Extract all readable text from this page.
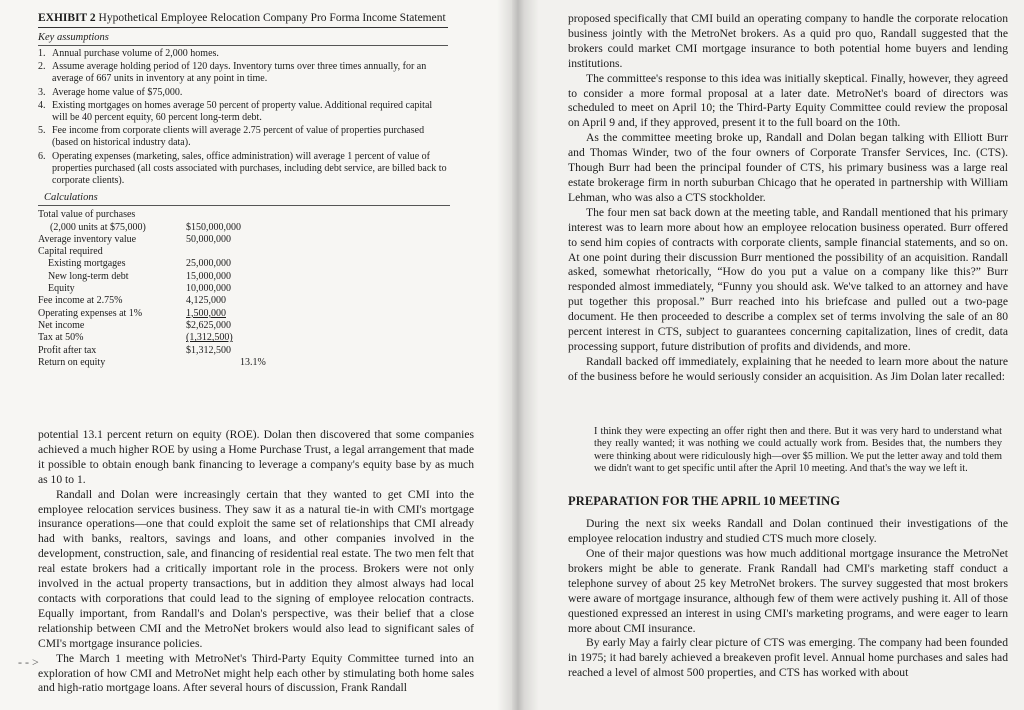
EXHIBIT 2 Hypothetical Employee Relocation Company Pro Forma Income Statement
Key assumptions
1. Annual purchase volume of 2,000 homes.
2. Assume average holding period of 120 days. Inventory turns over three times annually, for an average of 667 units in inventory at any point in time.
3. Average home value of $75,000.
4. Existing mortgages on homes average 50 percent of property value. Additional required capital will be 40 percent equity, 60 percent long-term debt.
5. Fee income from corporate clients will average 2.75 percent of value of properties purchased (based on historical industry data).
6. Operating expenses (marketing, sales, office administration) will average 1 percent of value of properties purchased (all costs associated with purchases, including debt service, are billed back to corporate clients).
Calculations
Total value of purchases
(2,000 units at $75,000)	$150,000,000
Average inventory value	50,000,000
Capital required
Existing mortgages	25,000,000
New long-term debt	15,000,000
Equity	10,000,000
Fee income at 2.75%	4,125,000
Operating expenses at 1%	1,500,000
Net income	$2,625,000
Tax at 50%	(1,312,500)
Profit after tax	$1,312,500
Return on equity	13.1%

potential 13.1 percent return on equity (ROE). Dolan then discovered that some companies achieved a much higher ROE by using a Home Purchase Trust, a legal arrangement that made it possible to obtain enough bank financing to leverage a company's equity base by as much as 10 to 1.

Randall and Dolan were increasingly certain that they wanted to get CMI into the employee relocation services business. They saw it as a natural tie-in with CMI's mortgage insurance operations—one that could exploit the same set of relationships that CMI already had with banks, realtors, savings and loans, and other companies involved in the development, construction, sale, and financing of residential real estate. The two men felt that real estate brokers had a critically important role in the process. Brokers were not only involved in the actual property transactions, but in addition they almost always had local contacts with corporations that could lead to the signing of employee relocation contracts. Equally important, from Randall's and Dolan's perspective, was their belief that a close relationship between CMI and the MetroNet brokers would also lead to significant sales of CMI's mortgage insurance policies.

The March 1 meeting with MetroNet's Third-Party Equity Committee turned into an exploration of how CMI and MetroNet might help each other by stimulating both home sales and high-ratio mortgage loans. After several hours of discussion, Frank Randall

- - >

proposed specifically that CMI build an operating company to handle the corporate relocation business jointly with the MetroNet brokers. As a quid pro quo, Randall suggested that the brokers could market CMI mortgage insurance to both potential home buyers and lending institutions.

The committee's response to this idea was initially skeptical. Finally, however, they agreed to consider a more formal proposal at a later date. MetroNet's board of directors was scheduled to meet on April 10; the Third-Party Equity Committee could review the proposal on April 9 and, if they approved, present it to the full board on the 10th.

As the committee meeting broke up, Randall and Dolan began talking with Elliott Burr and Thomas Winder, two of the four owners of Corporate Transfer Services, Inc. (CTS). Though Burr had been the principal founder of CTS, his primary business was a large real estate brokerage firm in north suburban Chicago that he operated in partnership with William Lehman, who was also a CTS stockholder.

The four men sat back down at the meeting table, and Randall mentioned that his primary interest was to learn more about how an employee relocation business operated. Burr offered to send him copies of contracts with corporate clients, sample financial statements, and so on. At one point during their discussion Burr mentioned the possibility of an acquisition. Randall asked, somewhat rhetorically, “How do you put a value on a company like this?” Burr responded almost immediately, “Funny you should ask. We've talked to an attorney and have put together this proposal.” Burr reached into his briefcase and pulled out a two-page document. He then proceeded to describe a complex set of terms involving the sale of an 80 percent interest in CTS, subject to guarantees concerning capitalization, lines of credit, data processing support, future distribution of profits and dividends, and more.

Randall backed off immediately, explaining that he needed to learn more about the nature of the business before he would seriously consider an acquisition. As Jim Dolan later recalled:

I think they were expecting an offer right then and there. But it was very hard to understand what they really wanted; it was nothing we could actually work from. Besides that, the numbers they were thinking about were ridiculously high—over $5 million. We put the letter away and told them we didn't want to get specific until after the April 10 meeting. And that's the way we left it.
PREPARATION FOR THE APRIL 10 MEETING

During the next six weeks Randall and Dolan continued their investigations of the employee relocation industry and studied CTS much more closely.

One of their major questions was how much additional mortgage insurance the MetroNet brokers might be able to generate. Frank Randall had CMI's marketing staff conduct a telephone survey of about 25 key MetroNet brokers. The survey suggested that most brokers were aware of mortgage insurance, although few of them were actively pushing it. All of those questioned expressed an interest in using CMI's marketing programs, and were eager to learn more about CMI insurance.

By early May a fairly clear picture of CTS was emerging. The company had been founded in 1975; it had barely achieved a breakeven profit level. Annual home purchases and sales had reached a level of almost 500 properties, and CTS has worked with about
